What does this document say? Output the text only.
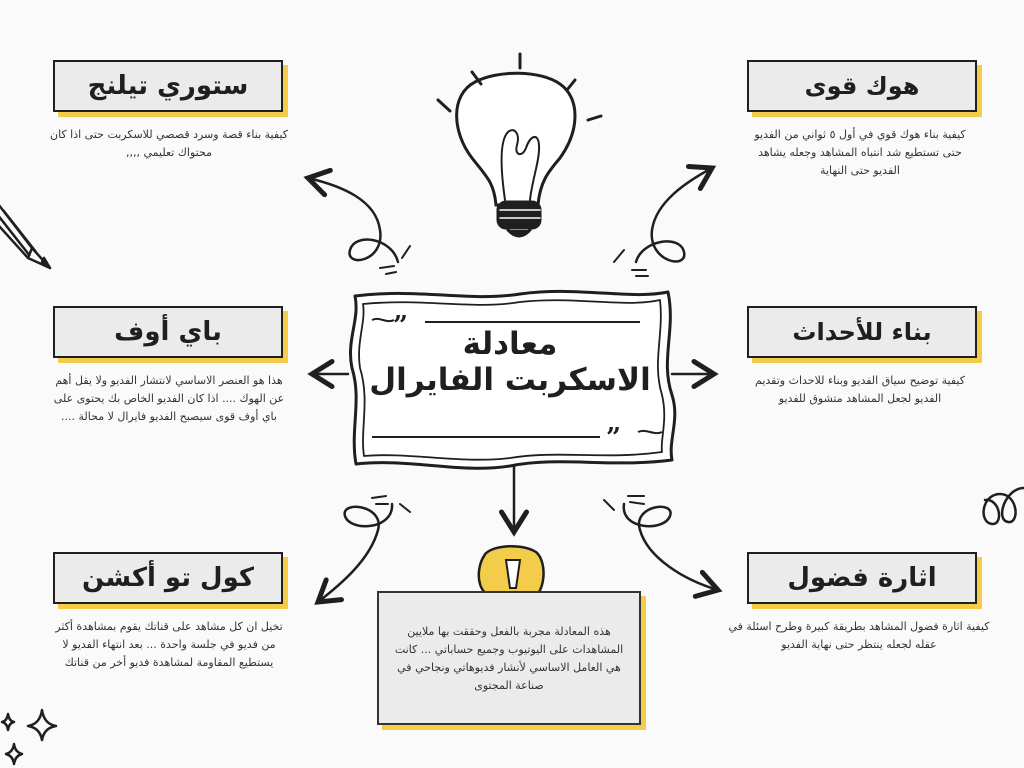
”
”
معادلة
الاسكربت الفايرال
ستوري تيلنج
كيفية بناء قصة وسرد قصصي للاسكربت حتى اذا كان محتواك تعليمي ,,,,
هوك قوى
كيفية بناء هوك قوي في أول ٥ ثواني من الفديو حتى تستطيع شد انتباه المشاهد وجعله يشاهد الفديو حتى النهاية
باي أوف
هذا هو العنصر الاساسي لانتشار الفديو ولا يقل أهم عن الهوك .... اذا كان الفديو الخاص بك يحتوى على باي أوف قوى سيصبح الفديو فايرال لا محالة ....
بناء للأحداث
كيفية توضيح سياق الفديو وبناء للاحداث وتقديم الفديو لجعل المشاهد متشوق للفديو
كول تو أكشن
تخيل ان كل مشاهد على قناتك يقوم بمشاهدة أكثر من فديو في جلسة واحدة ... بعد انتهاء الفديو لا يستطيع المقاومة لمشاهدة فديو أخر من قناتك
اثارة فضول
كيفية اثارة فضول المشاهد بطريقة كبيرة وطرح اسئلة في عقله لجعله ينتظر حتى نهاية الفديو
هذه المعادلة مجربة بالفعل وحققت بها ملايين المشاهدات على اليوتيوب وجميع حساباتي ... كانت هي العامل الاساسي لأنشار فديوهاتي ونجاحي في صناعة المجتوى
